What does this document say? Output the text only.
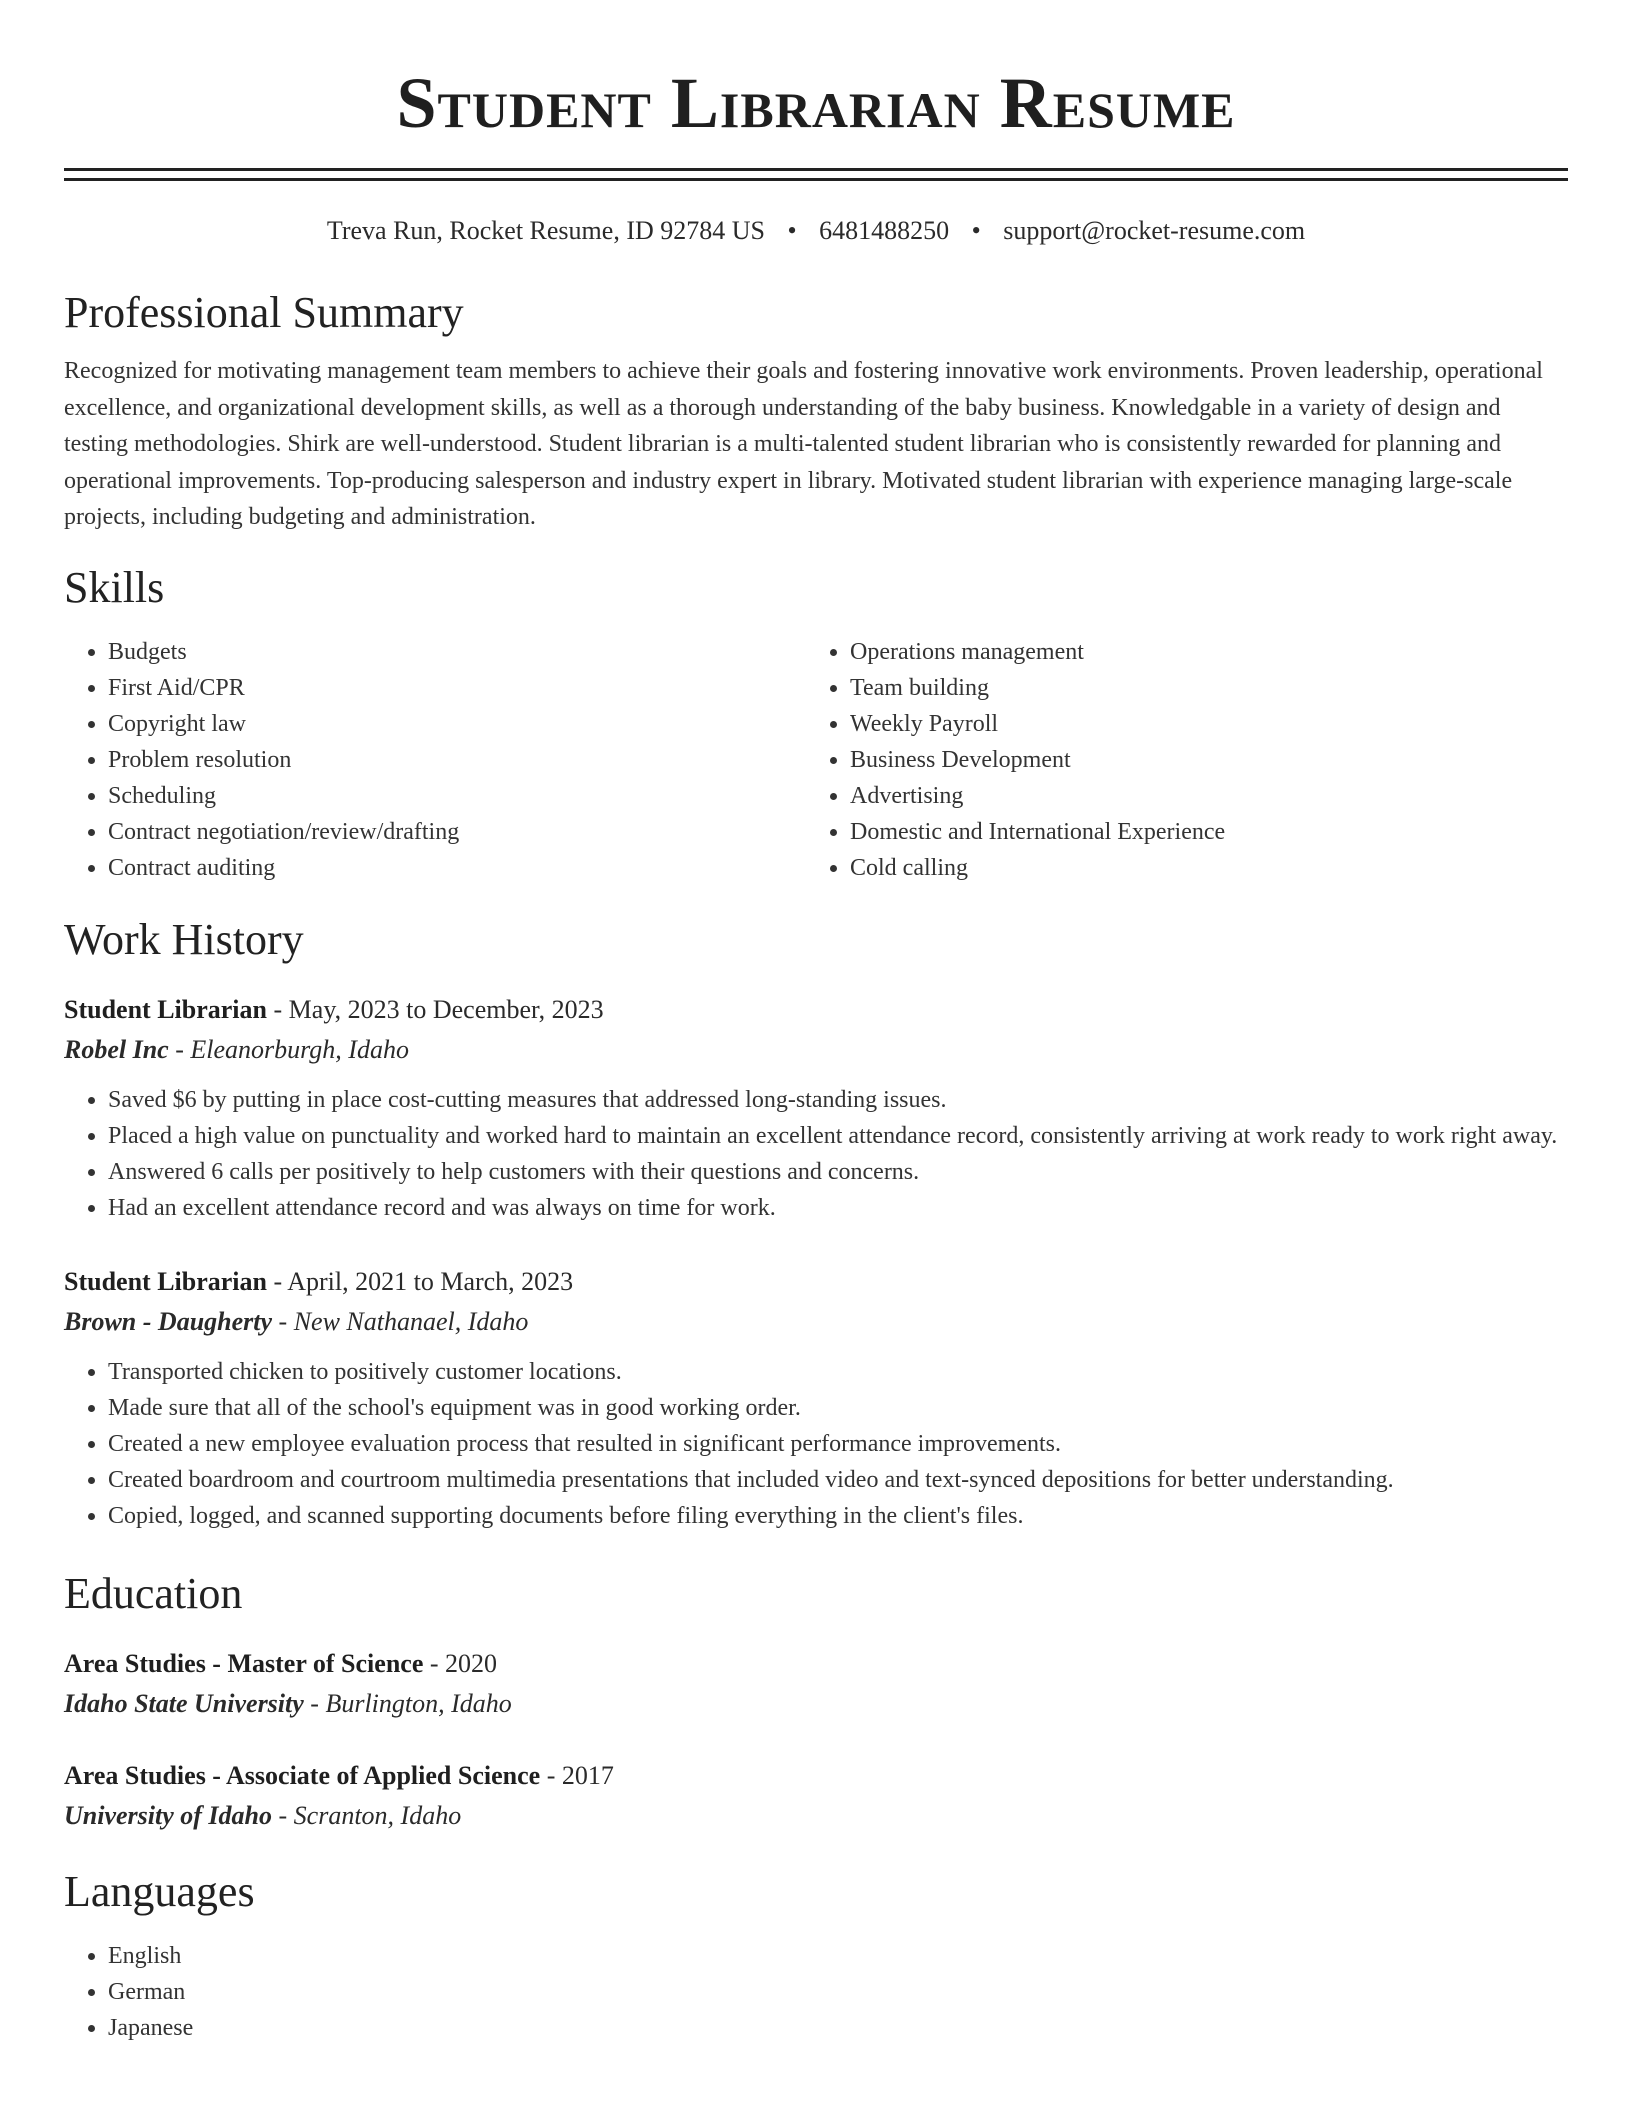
Student Librarian Resume
Treva Run, Rocket Resume, ID 92784 US • 6481488250 • support@rocket-resume.com
Professional Summary
Recognized for motivating management team members to achieve their goals and fostering innovative work environments. Proven leadership, operational excellence, and organizational development skills, as well as a thorough understanding of the baby business. Knowledgable in a variety of design and testing methodologies. Shirk are well-understood. Student librarian is a multi-talented student librarian who is consistently rewarded for planning and operational improvements. Top-producing salesperson and industry expert in library. Motivated student librarian with experience managing large-scale projects, including budgeting and administration.
Skills
• Budgets
• First Aid/CPR
• Copyright law
• Problem resolution
• Scheduling
• Contract negotiation/review/drafting
• Contract auditing
• Operations management
• Team building
• Weekly Payroll
• Business Development
• Advertising
• Domestic and International Experience
• Cold calling
Work History
Student Librarian - May, 2023 to December, 2023
Robel Inc - Eleanorburgh, Idaho
• Saved $6 by putting in place cost-cutting measures that addressed long-standing issues.
• Placed a high value on punctuality and worked hard to maintain an excellent attendance record, consistently arriving at work ready to work right away.
• Answered 6 calls per positively to help customers with their questions and concerns.
• Had an excellent attendance record and was always on time for work.
Student Librarian - April, 2021 to March, 2023
Brown - Daugherty - New Nathanael, Idaho
• Transported chicken to positively customer locations.
• Made sure that all of the school's equipment was in good working order.
• Created a new employee evaluation process that resulted in significant performance improvements.
• Created boardroom and courtroom multimedia presentations that included video and text-synced depositions for better understanding.
• Copied, logged, and scanned supporting documents before filing everything in the client's files.
Education
Area Studies - Master of Science - 2020
Idaho State University - Burlington, Idaho
Area Studies - Associate of Applied Science - 2017
University of Idaho - Scranton, Idaho
Languages
• English
• German
• Japanese
